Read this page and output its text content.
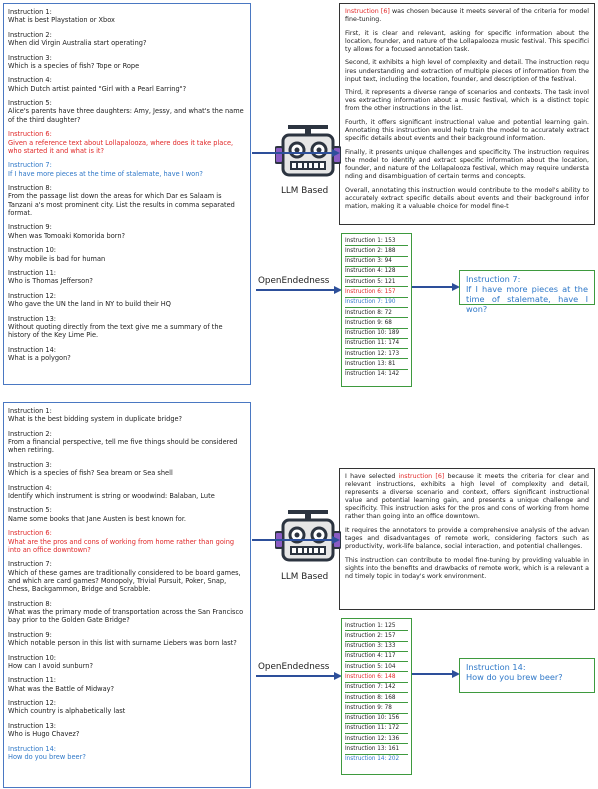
Instruction 1:
What is best Playstation or Xbox
Instruction 2:
When did Virgin Australia start operating?
Instruction 3:
Which is a species of fish? Tope or Rope
Instruction 4:
Which Dutch artist painted "Girl with a Pearl Earring"?
Instruction 5:
Alice's parents have three daughters: Amy, Jessy, and what's the name of the third daughter?
Instruction 6:
Given a reference text about Lollapalooza, where does it take place, who started it and what is it?
Instruction 7:
If I have more pieces at the time of stalemate, have I won?
Instruction 8:
From the passage list down the areas for which Dar es Salaam is Tanzani a's most prominent city. List the results in comma separated format.
Instruction 9:
When was Tomoaki Komorida born?
Instruction 10:
Why mobile is bad for human
Instruction 11:
Who is Thomas Jefferson?
Instruction 12:
Who gave the UN the land in NY to build their HQ
Instruction 13:
Without quoting directly from the text give me a summary of the history of the Key Lime Pie.
Instruction 14:
What is a polygon?

Instruction [6] was chosen because it meets several of the criteria for model fine-tuning.

First, it is clear and relevant, asking for specific information about the location, founder, and nature of the Lollapalooza music festival. This specifici ty allows for a focused annotation task.

Second, it exhibits a high level of complexity and detail. The instruction requ ires understanding and extraction of multiple pieces of information from the input text, including the location, founder, and description of the festival.

Third, it represents a diverse range of scenarios and contexts. The task invol ves extracting information about a music festival, which is a distinct topic from the other instructions in the list.

Fourth, it offers significant instructional value and potential learning gain. Annotating this instruction would help train the model to accurately extract specific details about events and their background information.

Finally, it presents unique challenges and specificity. The instruction requires the model to identify and extract specific information about the location, founder, and nature of the Lollapalooza festival, which may require understa nding and disambiguation of certain terms and concepts.

Overall, annotating this instruction would contribute to the model's ability to accurately extract specific details about events and their background infor mation, making it a valuable choice for model fine-t

LLM Based
OpenEndedness
Instruction 1: 153
Instruction 2: 188
Instruction 3: 94
Instruction 4: 128
Instruction 5: 121
Instruction 6: 157
Instruction 7: 190
Instruction 8: 72
Instruction 9: 68
Instruction 10: 189
Instruction 11: 174
Instruction 12: 173
Instruction 13: 81
Instruction 14: 142
Instruction 7:
If I have more pieces at the time of stalemate, have I won?
Instruction 1:
What is the best bidding system in duplicate bridge?
Instruction 2:
From a financial perspective, tell me five things should be considered when retiring.
Instruction 3:
Which is a species of fish? Sea bream or Sea shell
Instruction 4:
Identify which instrument is string or woodwind: Balaban, Lute
Instruction 5:
Name some books that Jane Austen is best known for.
Instruction 6:
What are the pros and cons of working from home rather than going into an office downtown?
Instruction 7:
Which of these games are traditionally considered to be board games, and which are card games? Monopoly, Trivial Pursuit, Poker, Snap, Chess, Backgammon, Bridge and Scrabble.
Instruction 8:
What was the primary mode of transportation across the San Francisco bay prior to the Golden Gate Bridge?
Instruction 9:
Which notable person in this list with surname Liebers was born last?
Instruction 10:
How can I avoid sunburn?
Instruction 11:
What was the Battle of Midway?
Instruction 12:
Which country is alphabetically last
Instruction 13:
Who is Hugo Chavez?
Instruction 14:
How do you brew beer?

I have selected instruction [6] because it meets the criteria for clear and relevant instructions, exhibits a high level of complexity and detail, represents a diverse scenario and context, offers significant instructional value and potential learning gain, and presents a unique challenge and specificity. This instruction asks for the pros and cons of working from home rather than going into an office downtown.

It requires the annotators to provide a comprehensive analysis of the advan tages and disadvantages of remote work, considering factors such as productivity, work-life balance, social interaction, and potential challenges.

This instruction can contribute to model fine-tuning by providing valuable in sights into the benefits and drawbacks of remote work, which is a relevant a nd timely topic in today's work environment.

LLM Based
OpenEndedness
Instruction 1: 125
Instruction 2: 157
Instruction 3: 133
Instruction 4: 117
Instruction 5: 104
Instruction 6: 148
Instruction 7: 142
Instruction 8: 168
Instruction 9: 78
Instruction 10: 156
Instruction 11: 172
Instruction 12: 136
Instruction 13: 161
Instruction 14: 202
Instruction 14:
How do you brew beer?
